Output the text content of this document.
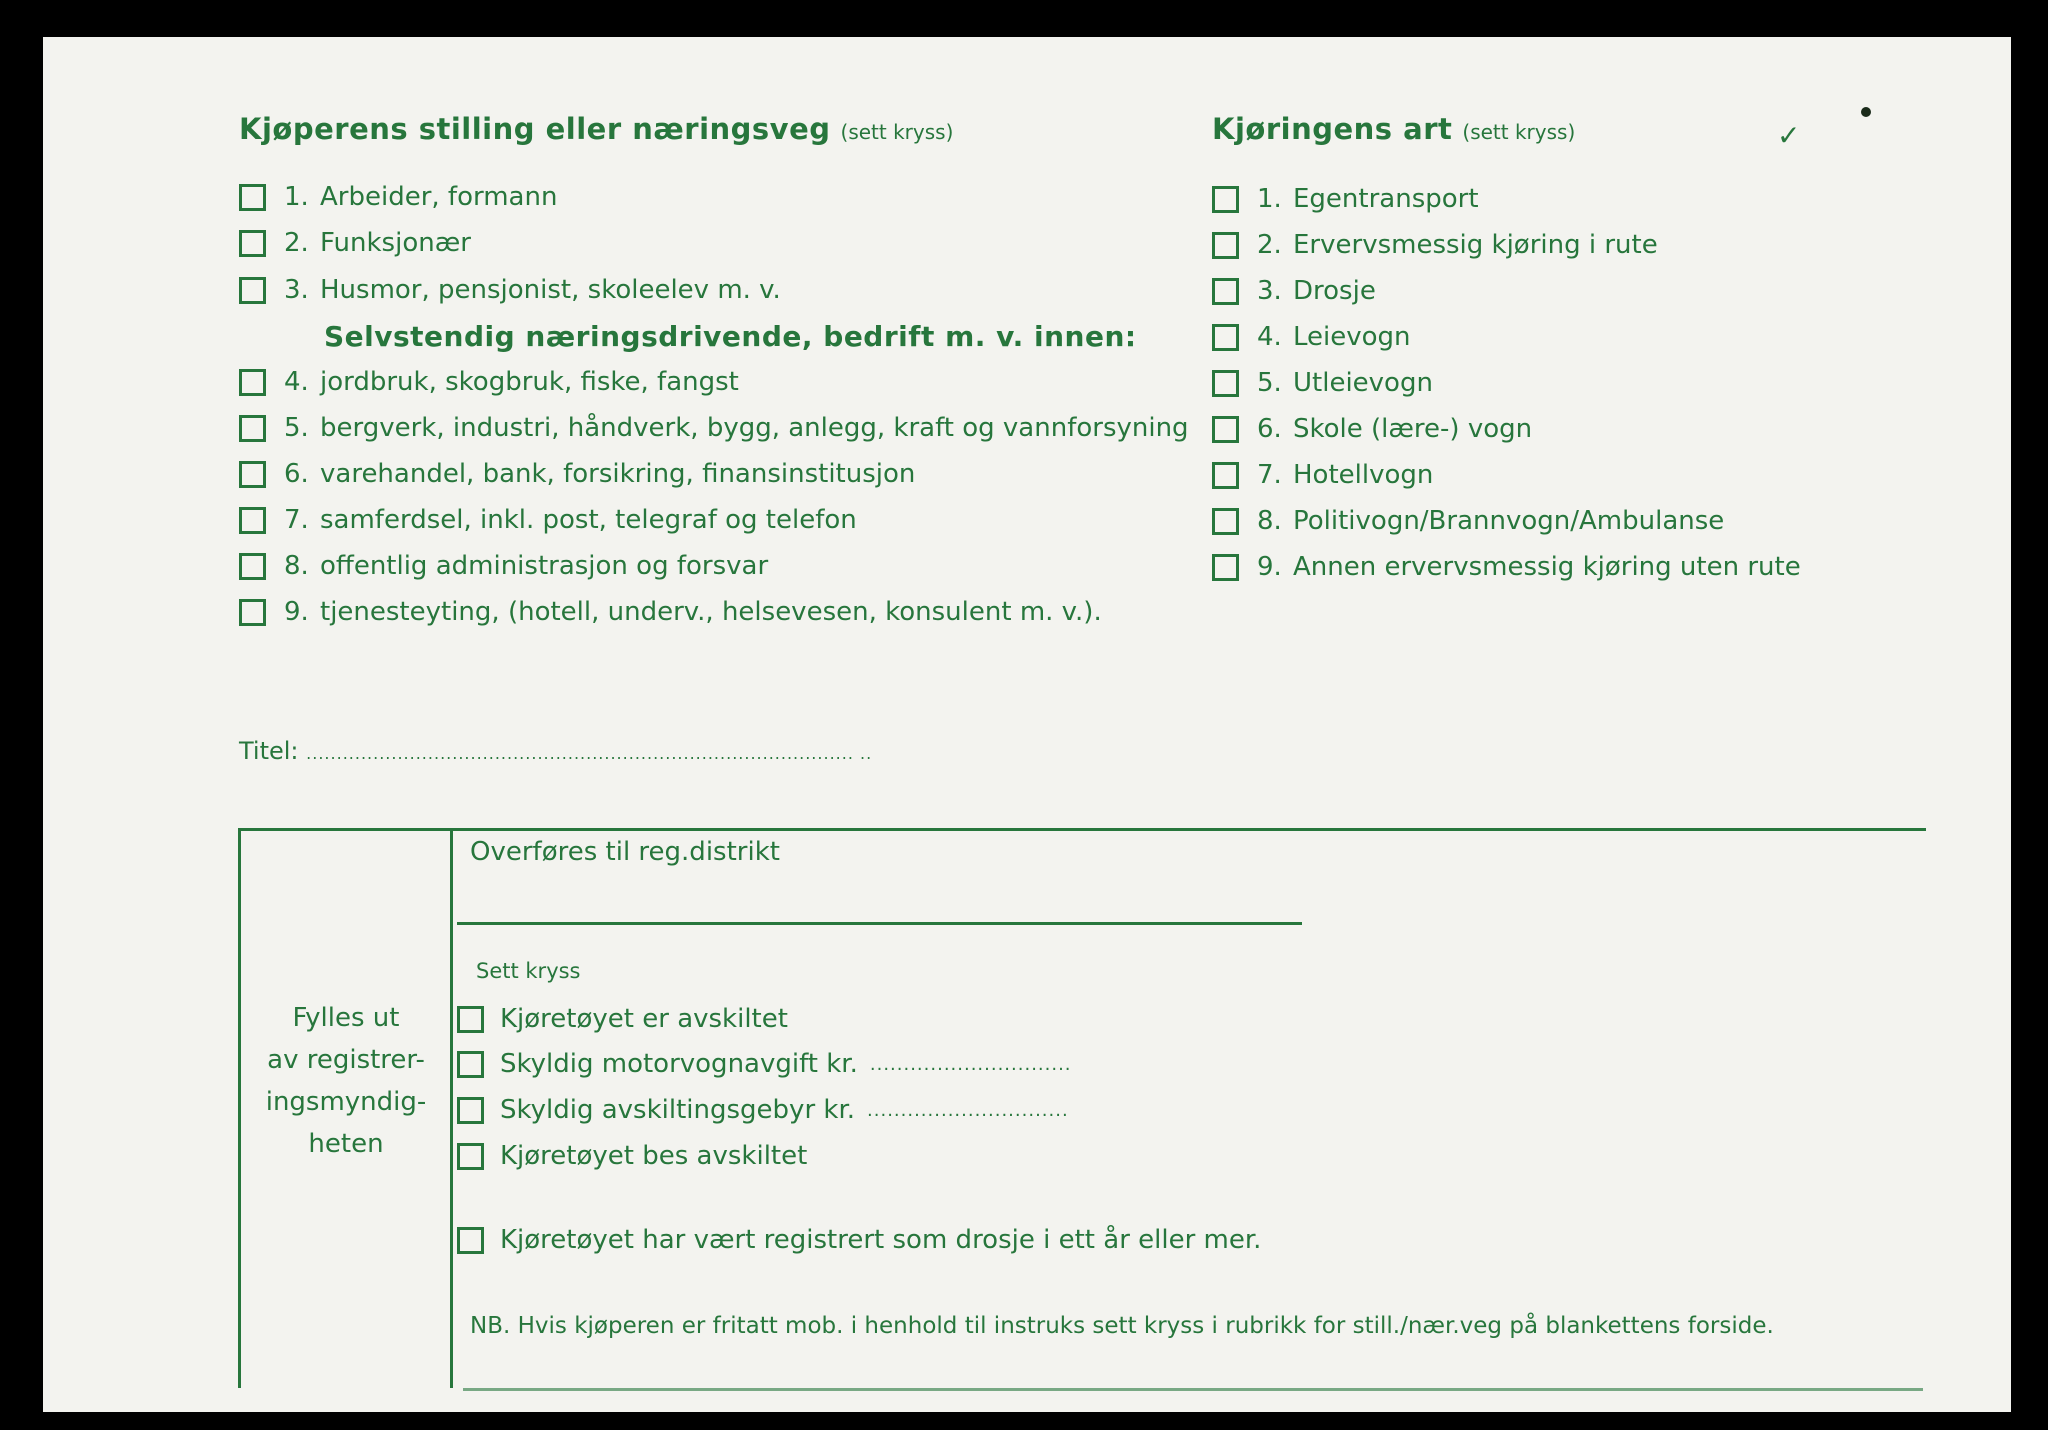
Kjøperens stilling eller næringsveg (sett kryss)
1. Arbeider, formann
2. Funksjonær
3. Husmor, pensjonist, skoleelev m. v.
Selvstendig næringsdrivende, bedrift m. v. innen:
4. jordbruk, skogbruk, fiske, fangst
5. bergverk, industri, håndverk, bygg, anlegg, kraft og vannforsyning
6. varehandel, bank, forsikring, finansinstitusjon
7. samferdsel, inkl. post, telegraf og telefon
8. offentlig administrasjon og forsvar
9. tjenesteyting, (hotell, underv., helsevesen, konsulent m. v.).
Kjøringens art (sett kryss)
1. Egentransport
2. Ervervsmessig kjøring i rute
3. Drosje
4. Leievogn
5. Utleievogn
6. Skole (lære-) vogn
7. Hotellvogn
8. Politivogn/Brannvogn/Ambulanse
9. Annen ervervsmessig kjøring uten rute
✓
Titel: .......................................................................................... ..
Fylles ut
av registrer-
ingsmyndig-
heten
Overføres til reg.distrikt
Sett kryss
Kjøretøyet er avskiltet
Skyldig motorvognavgift kr. ..............................
Skyldig avskiltingsgebyr kr. ..............................
Kjøretøyet bes avskiltet
Kjøretøyet har vært registrert som drosje i ett år eller mer.
NB. Hvis kjøperen er fritatt mob. i henhold til instruks sett kryss i rubrikk for still./nær.veg på blankettens forside.
